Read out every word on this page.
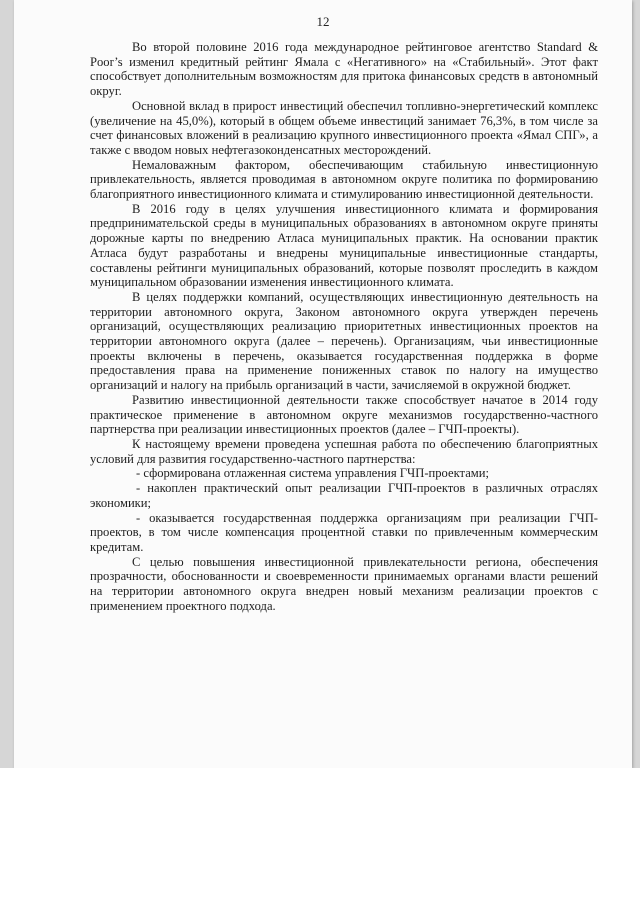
12

Во второй половине 2016 года международное рейтинговое агентство Standard & Poor’s изменил кредитный рейтинг Ямала с «Негативного» на «Стабильный». Этот факт способствует дополнительным возможностям для притока финансовых средств в автономный округ.

Основной вклад в прирост инвестиций обеспечил топливно-энергетический комплекс (увеличение на 45,0%), который в общем объеме инвестиций занимает 76,3%, в том числе за счет финансовых вложений в реализацию крупного инвестиционного проекта «Ямал СПГ», а также с вводом новых нефтегазоконденсатных месторождений.

Немаловажным фактором, обеспечивающим стабильную инвестиционную привлекательность, является проводимая в автономном округе политика по формированию благоприятного инвестиционного климата и стимулированию инвестиционной деятельности.

В 2016 году в целях улучшения инвестиционного климата и формирования предпринимательской среды в муниципальных образованиях в автономном округе приняты дорожные карты по внедрению Атласа муниципальных практик. На основании практик Атласа будут разработаны и внедрены муниципальные инвестиционные стандарты, составлены рейтинги муниципальных образований, которые позволят проследить в каждом муниципальном образовании изменения инвестиционного климата.

В целях поддержки компаний, осуществляющих инвестиционную деятельность на территории автономного округа, Законом автономного округа утвержден перечень организаций, осуществляющих реализацию приоритетных инвестиционных проектов на территории автономного округа (далее – перечень). Организациям, чьи инвестиционные проекты включены в перечень, оказывается государственная поддержка в форме предоставления права на применение пониженных ставок по налогу на имущество организаций и налогу на прибыль организаций в части, зачисляемой в окружной бюджет.

Развитию инвестиционной деятельности также способствует начатое в 2014 году практическое применение в автономном округе механизмов государственно-частного партнерства при реализации инвестиционных проектов (далее – ГЧП-проекты).

К настоящему времени проведена успешная работа по обеспечению благоприятных условий для развития государственно-частного партнерства:

- сформирована отлаженная система управления ГЧП-проектами;

- накоплен практический опыт реализации ГЧП-проектов в различных отраслях экономики;

- оказывается государственная поддержка организациям при реализации ГЧП-проектов, в том числе компенсация процентной ставки по привлеченным коммерческим кредитам.

С целью повышения инвестиционной привлекательности региона, обеспечения прозрачности, обоснованности и своевременности принимаемых органами власти решений на территории автономного округа внедрен новый механизм реализации проектов с применением проектного подхода.
